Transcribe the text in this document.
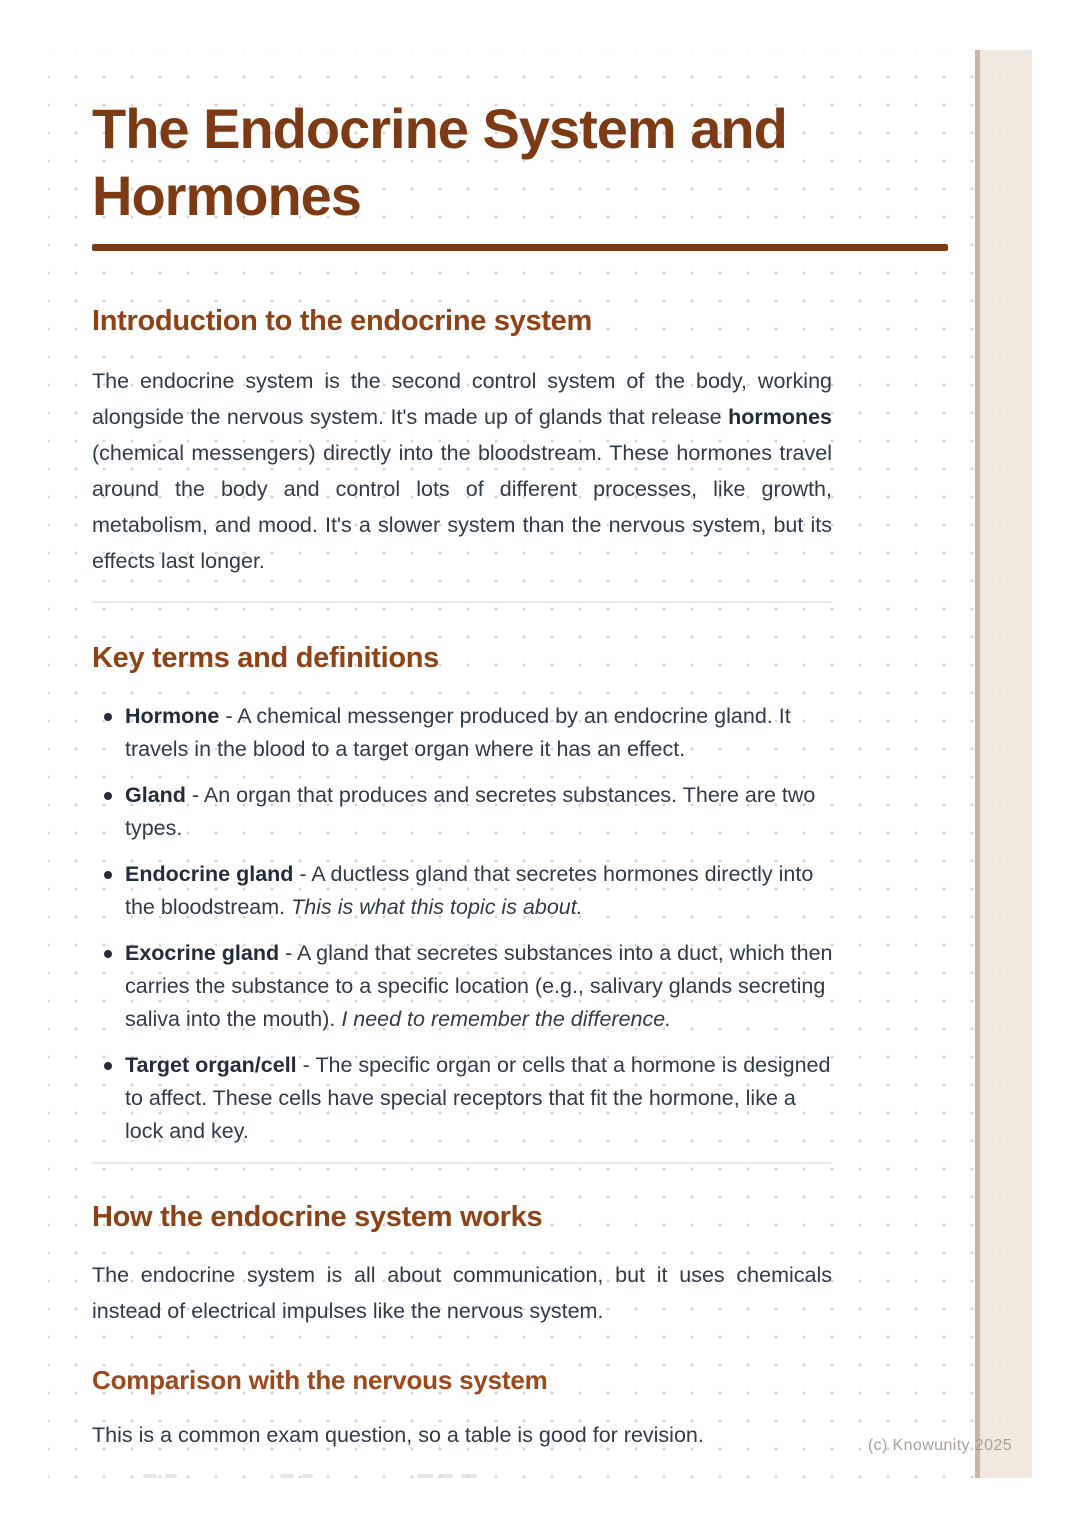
The Endocrine System and Hormones
Introduction to the endocrine system

The endocrine system is the second control system of the body, working alongside the nervous system. It's made up of glands that release hormones (chemical messengers) directly into the bloodstream. These hormones travel around the body and control lots of different processes, like growth, metabolism, and mood. It's a slower system than the nervous system, but its effects last longer.

Key terms and definitions
Hormone - A chemical messenger produced by an endocrine gland. It travels in the blood to a target organ where it has an effect.
Gland - An organ that produces and secretes substances. There are two types.
Endocrine gland - A ductless gland that secretes hormones directly into the bloodstream. This is what this topic is about.
Exocrine gland - A gland that secretes substances into a duct, which then carries the substance to a specific location (e.g., salivary glands secreting saliva into the mouth). I need to remember the difference.
Target organ/cell - The specific organ or cells that a hormone is designed to affect. These cells have special receptors that fit the hormone, like a lock and key.
How the endocrine system works

The endocrine system is all about communication, but it uses chemicals instead of electrical impulses like the nervous system.

Comparison with the nervous system

This is a common exam question, so a table is good for revision.	(c) Knowunity 2025
